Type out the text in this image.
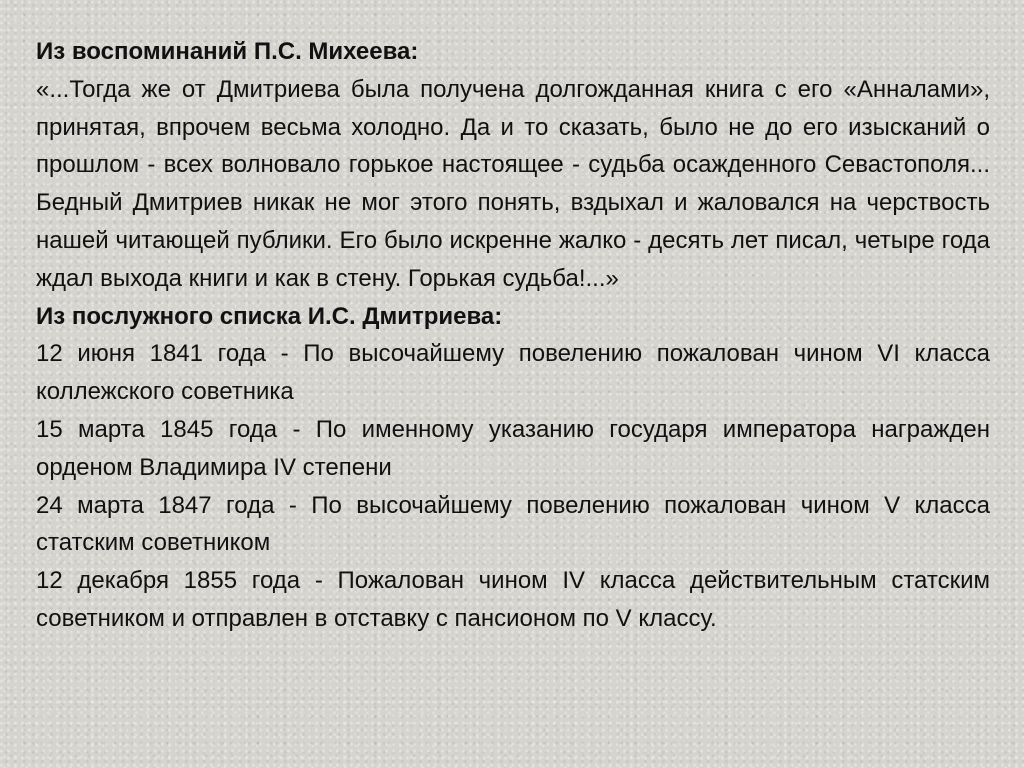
Из воспоминаний П.С. Михеева:

«...Тогда же от Дмитриева была получена долгожданная книга с его «Анналами», принятая, впрочем весьма холодно. Да и то сказать, было не до его изысканий о прошлом - всех волновало горькое настоящее - судьба осажденного Севастополя... Бедный Дмитриев никак не мог этого понять, вздыхал и жаловался на черствость нашей читающей публики. Его было искренне жалко - десять лет писал, четыре года ждал выхода книги и как в стену. Горькая судьба!...»

Из послужного списка И.С. Дмитриева:

12 июня 1841 года - По высочайшему повелению пожалован чином VI класса коллежского советника

15 марта 1845 года - По именному указанию государя императора награжден орденом Владимира IV степени

24 марта 1847 года - По высочайшему повелению пожалован чином V класса статским советником

12 декабря 1855 года - Пожалован чином IV класса действительным статским советником и отправлен в отставку с пансионом по V классу.
